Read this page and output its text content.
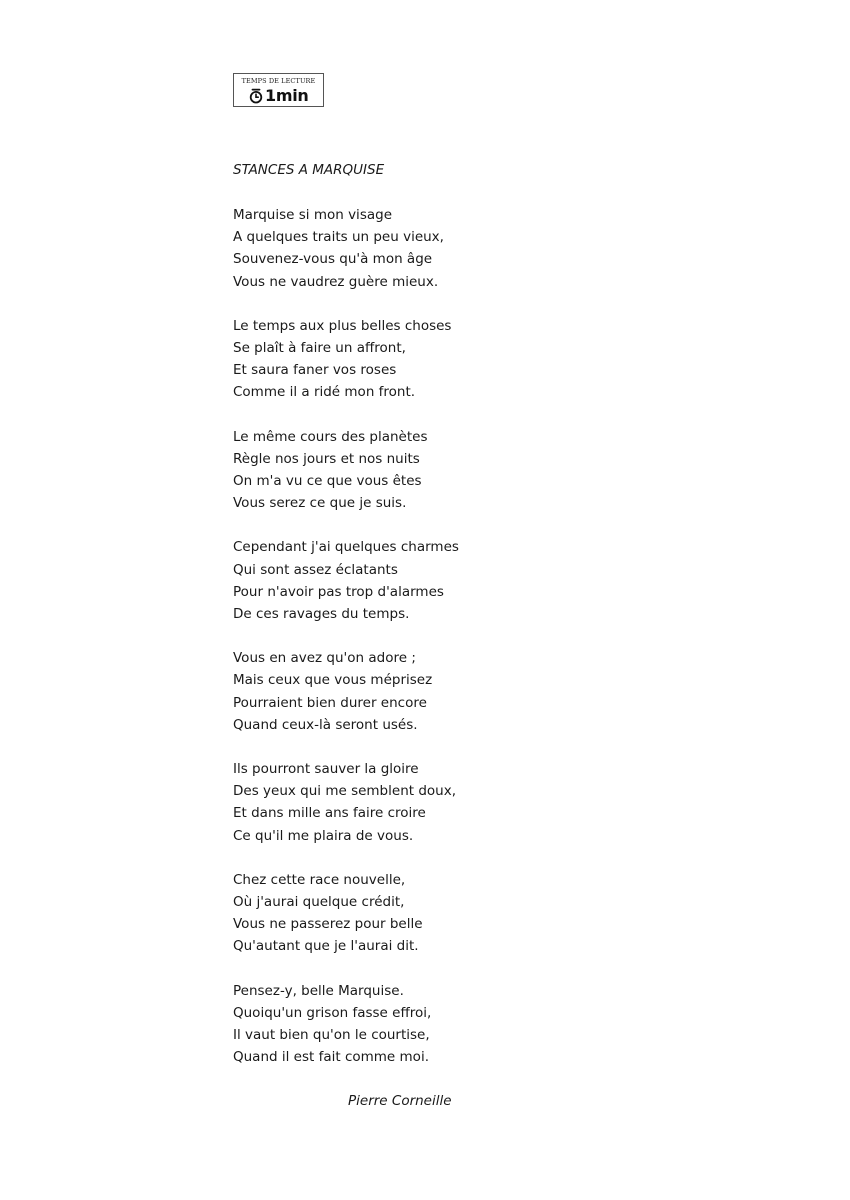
TEMPS DE LECTURE
1min
STANCES A MARQUISE
Marquise si mon visage
A quelques traits un peu vieux,
Souvenez-vous qu'à mon âge
Vous ne vaudrez guère mieux.
Le temps aux plus belles choses
Se plaît à faire un affront,
Et saura faner vos roses
Comme il a ridé mon front.
Le même cours des planètes
Règle nos jours et nos nuits
On m'a vu ce que vous êtes
Vous serez ce que je suis.
Cependant j'ai quelques charmes
Qui sont assez éclatants
Pour n'avoir pas trop d'alarmes
De ces ravages du temps.
Vous en avez qu'on adore ;
Mais ceux que vous méprisez
Pourraient bien durer encore
Quand ceux-là seront usés.
Ils pourront sauver la gloire
Des yeux qui me semblent doux,
Et dans mille ans faire croire
Ce qu'il me plaira de vous.
Chez cette race nouvelle,
Où j'aurai quelque crédit,
Vous ne passerez pour belle
Qu'autant que je l'aurai dit.
Pensez-y, belle Marquise.
Quoiqu'un grison fasse effroi,
Il vaut bien qu'on le courtise,
Quand il est fait comme moi.
Pierre Corneille
